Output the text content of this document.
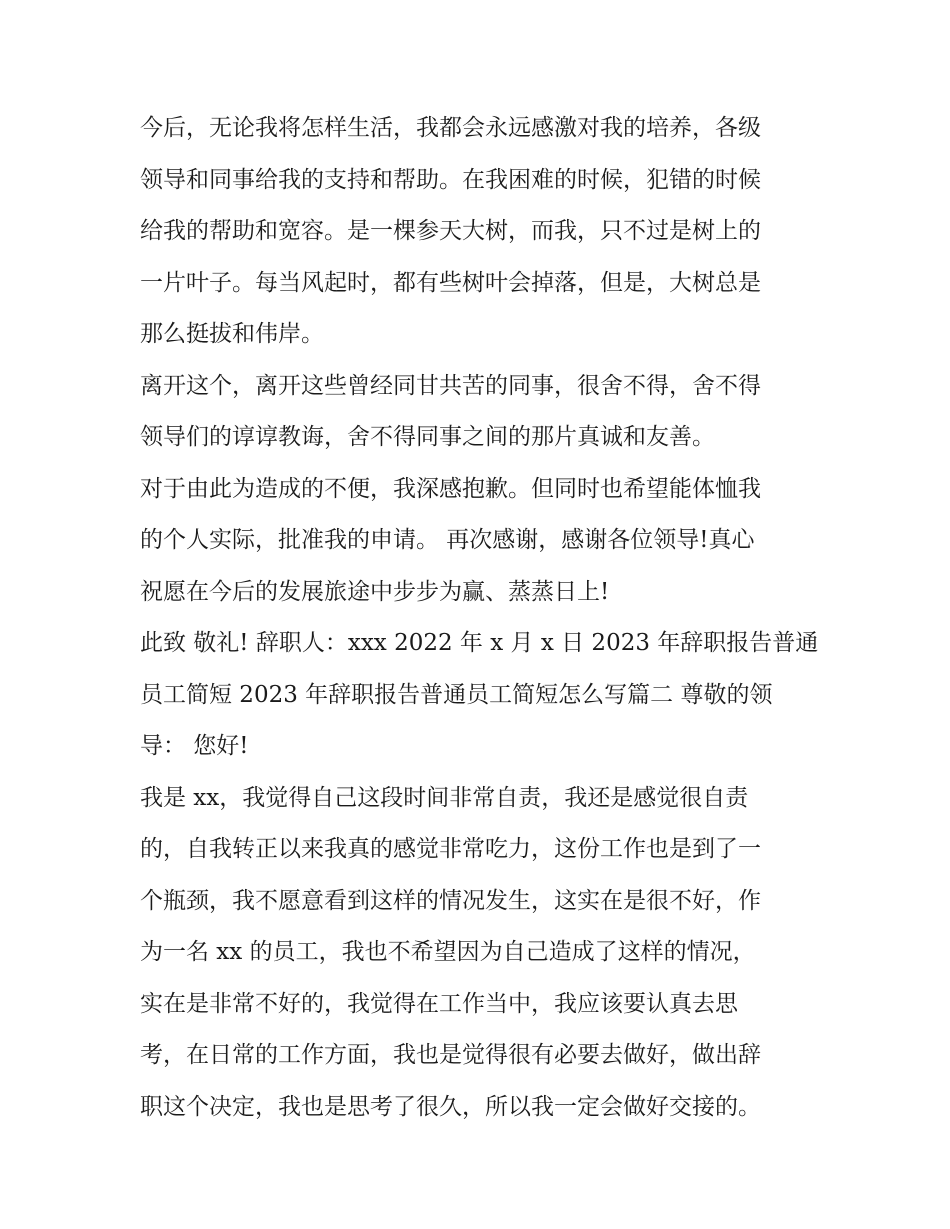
今后，无论我将怎样生活，我都会永远感激对我的培养，各级
领导和同事给我的支持和帮助。在我困难的时候，犯错的时候
给我的帮助和宽容。是一棵参天大树，而我，只不过是树上的
一片叶子。每当风起时，都有些树叶会掉落，但是，大树总是
那么挺拔和伟岸。
离开这个，离开这些曾经同甘共苦的同事，很舍不得，舍不得
领导们的谆谆教诲，舍不得同事之间的那片真诚和友善。
对于由此为造成的不便，我深感抱歉。但同时也希望能体恤我
的个人实际，批准我的申请。 再次感谢，感谢各位领导!真心
祝愿在今后的发展旅途中步步为赢、蒸蒸日上!
此致 敬礼! 辞职人：xxx 2022 年 x 月 x 日 2023 年辞职报告普通
员工简短 2023 年辞职报告普通员工简短怎么写篇二 尊敬的领
导： 您好!
我是 xx，我觉得自己这段时间非常自责，我还是感觉很自责
的，自我转正以来我真的感觉非常吃力，这份工作也是到了一
个瓶颈，我不愿意看到这样的情况发生，这实在是很不好，作
为一名 xx 的员工，我也不希望因为自己造成了这样的情况，
实在是非常不好的，我觉得在工作当中，我应该要认真去思
考，在日常的工作方面，我也是觉得很有必要去做好，做出辞
职这个决定，我也是思考了很久，所以我一定会做好交接的。
